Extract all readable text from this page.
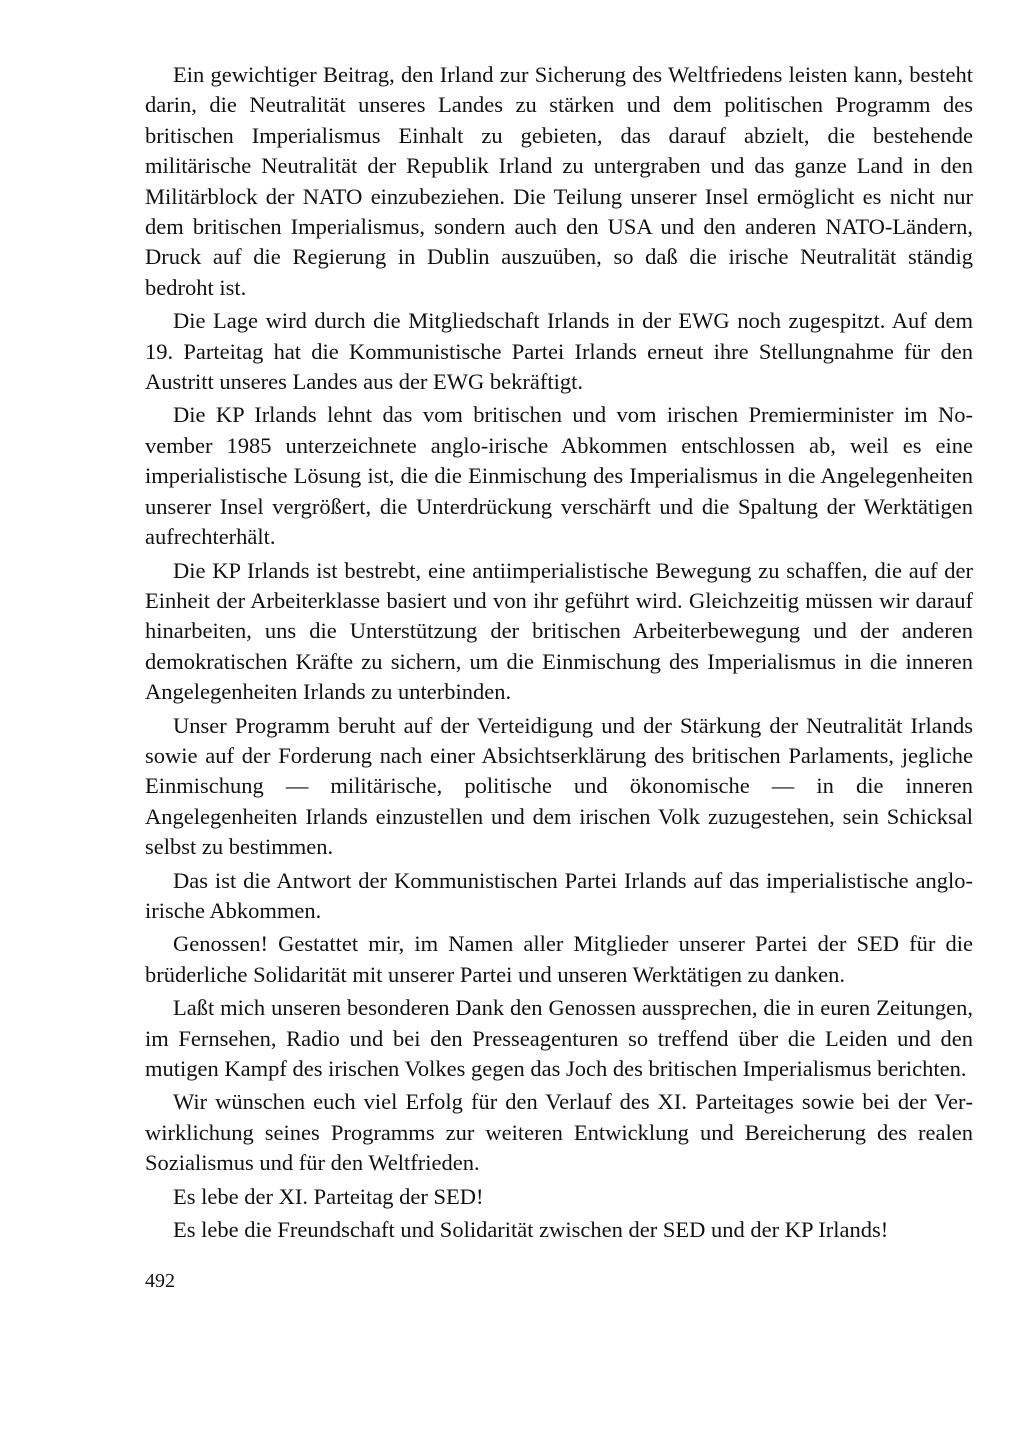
Ein gewichtiger Beitrag, den Irland zur Sicherung des Weltfriedens leisten kann, besteht darin, die Neutralität unseres Landes zu stärken und dem politischen Programm des britischen Imperialismus Einhalt zu gebieten, das darauf abzielt, die bestehende militärische Neutralität der Republik Irland zu untergraben und das ganze Land in den Militärblock der NATO einzubeziehen. Die Teilung unserer Insel ermöglicht es nicht nur dem britischen Imperialismus, sondern auch den USA und den anderen NATO-Ländern, Druck auf die Regierung in Dublin auszuüben, so daß die irische Neutralität ständig bedroht ist.

Die Lage wird durch die Mitgliedschaft Irlands in der EWG noch zugespitzt. Auf dem 19. Parteitag hat die Kommunistische Partei Irlands erneut ihre Stellungnahme für den Austritt unseres Landes aus der EWG bekräftigt.

Die KP Irlands lehnt das vom britischen und vom irischen Premierminister im November 1985 unterzeichnete anglo-irische Abkommen entschlossen ab, weil es eine imperialistische Lösung ist, die die Einmischung des Imperialismus in die Angelegenheiten unserer Insel vergrößert, die Unterdrückung verschärft und die Spaltung der Werktätigen aufrechterhält.

Die KP Irlands ist bestrebt, eine antiimperialistische Bewegung zu schaffen, die auf der Einheit der Arbeiterklasse basiert und von ihr geführt wird. Gleichzeitig müssen wir darauf hinarbeiten, uns die Unterstützung der britischen Arbeiterbewegung und der anderen demokratischen Kräfte zu sichern, um die Einmischung des Imperialismus in die inneren Angelegenheiten Irlands zu unterbinden.

Unser Programm beruht auf der Verteidigung und der Stärkung der Neutralität Irlands sowie auf der Forderung nach einer Absichtserklärung des britischen Parlaments, jegliche Einmischung — militärische, politische und ökonomische — in die inneren Angelegenheiten Irlands einzustellen und dem irischen Volk zuzugestehen, sein Schicksal selbst zu bestimmen.

Das ist die Antwort der Kommunistischen Partei Irlands auf das imperialistische anglo-irische Abkommen.

Genossen! Gestattet mir, im Namen aller Mitglieder unserer Partei der SED für die brüderliche Solidarität mit unserer Partei und unseren Werktätigen zu danken.

Laßt mich unseren besonderen Dank den Genossen aussprechen, die in euren Zeitungen, im Fernsehen, Radio und bei den Presseagenturen so treffend über die Leiden und den mutigen Kampf des irischen Volkes gegen das Joch des britischen Imperialismus berichten.

Wir wünschen euch viel Erfolg für den Verlauf des XI. Parteitages sowie bei der Verwirklichung seines Programms zur weiteren Entwicklung und Bereicherung des realen Sozialismus und für den Weltfrieden.

Es lebe der XI. Parteitag der SED!

Es lebe die Freundschaft und Solidarität zwischen der SED und der KP Irlands!

492
